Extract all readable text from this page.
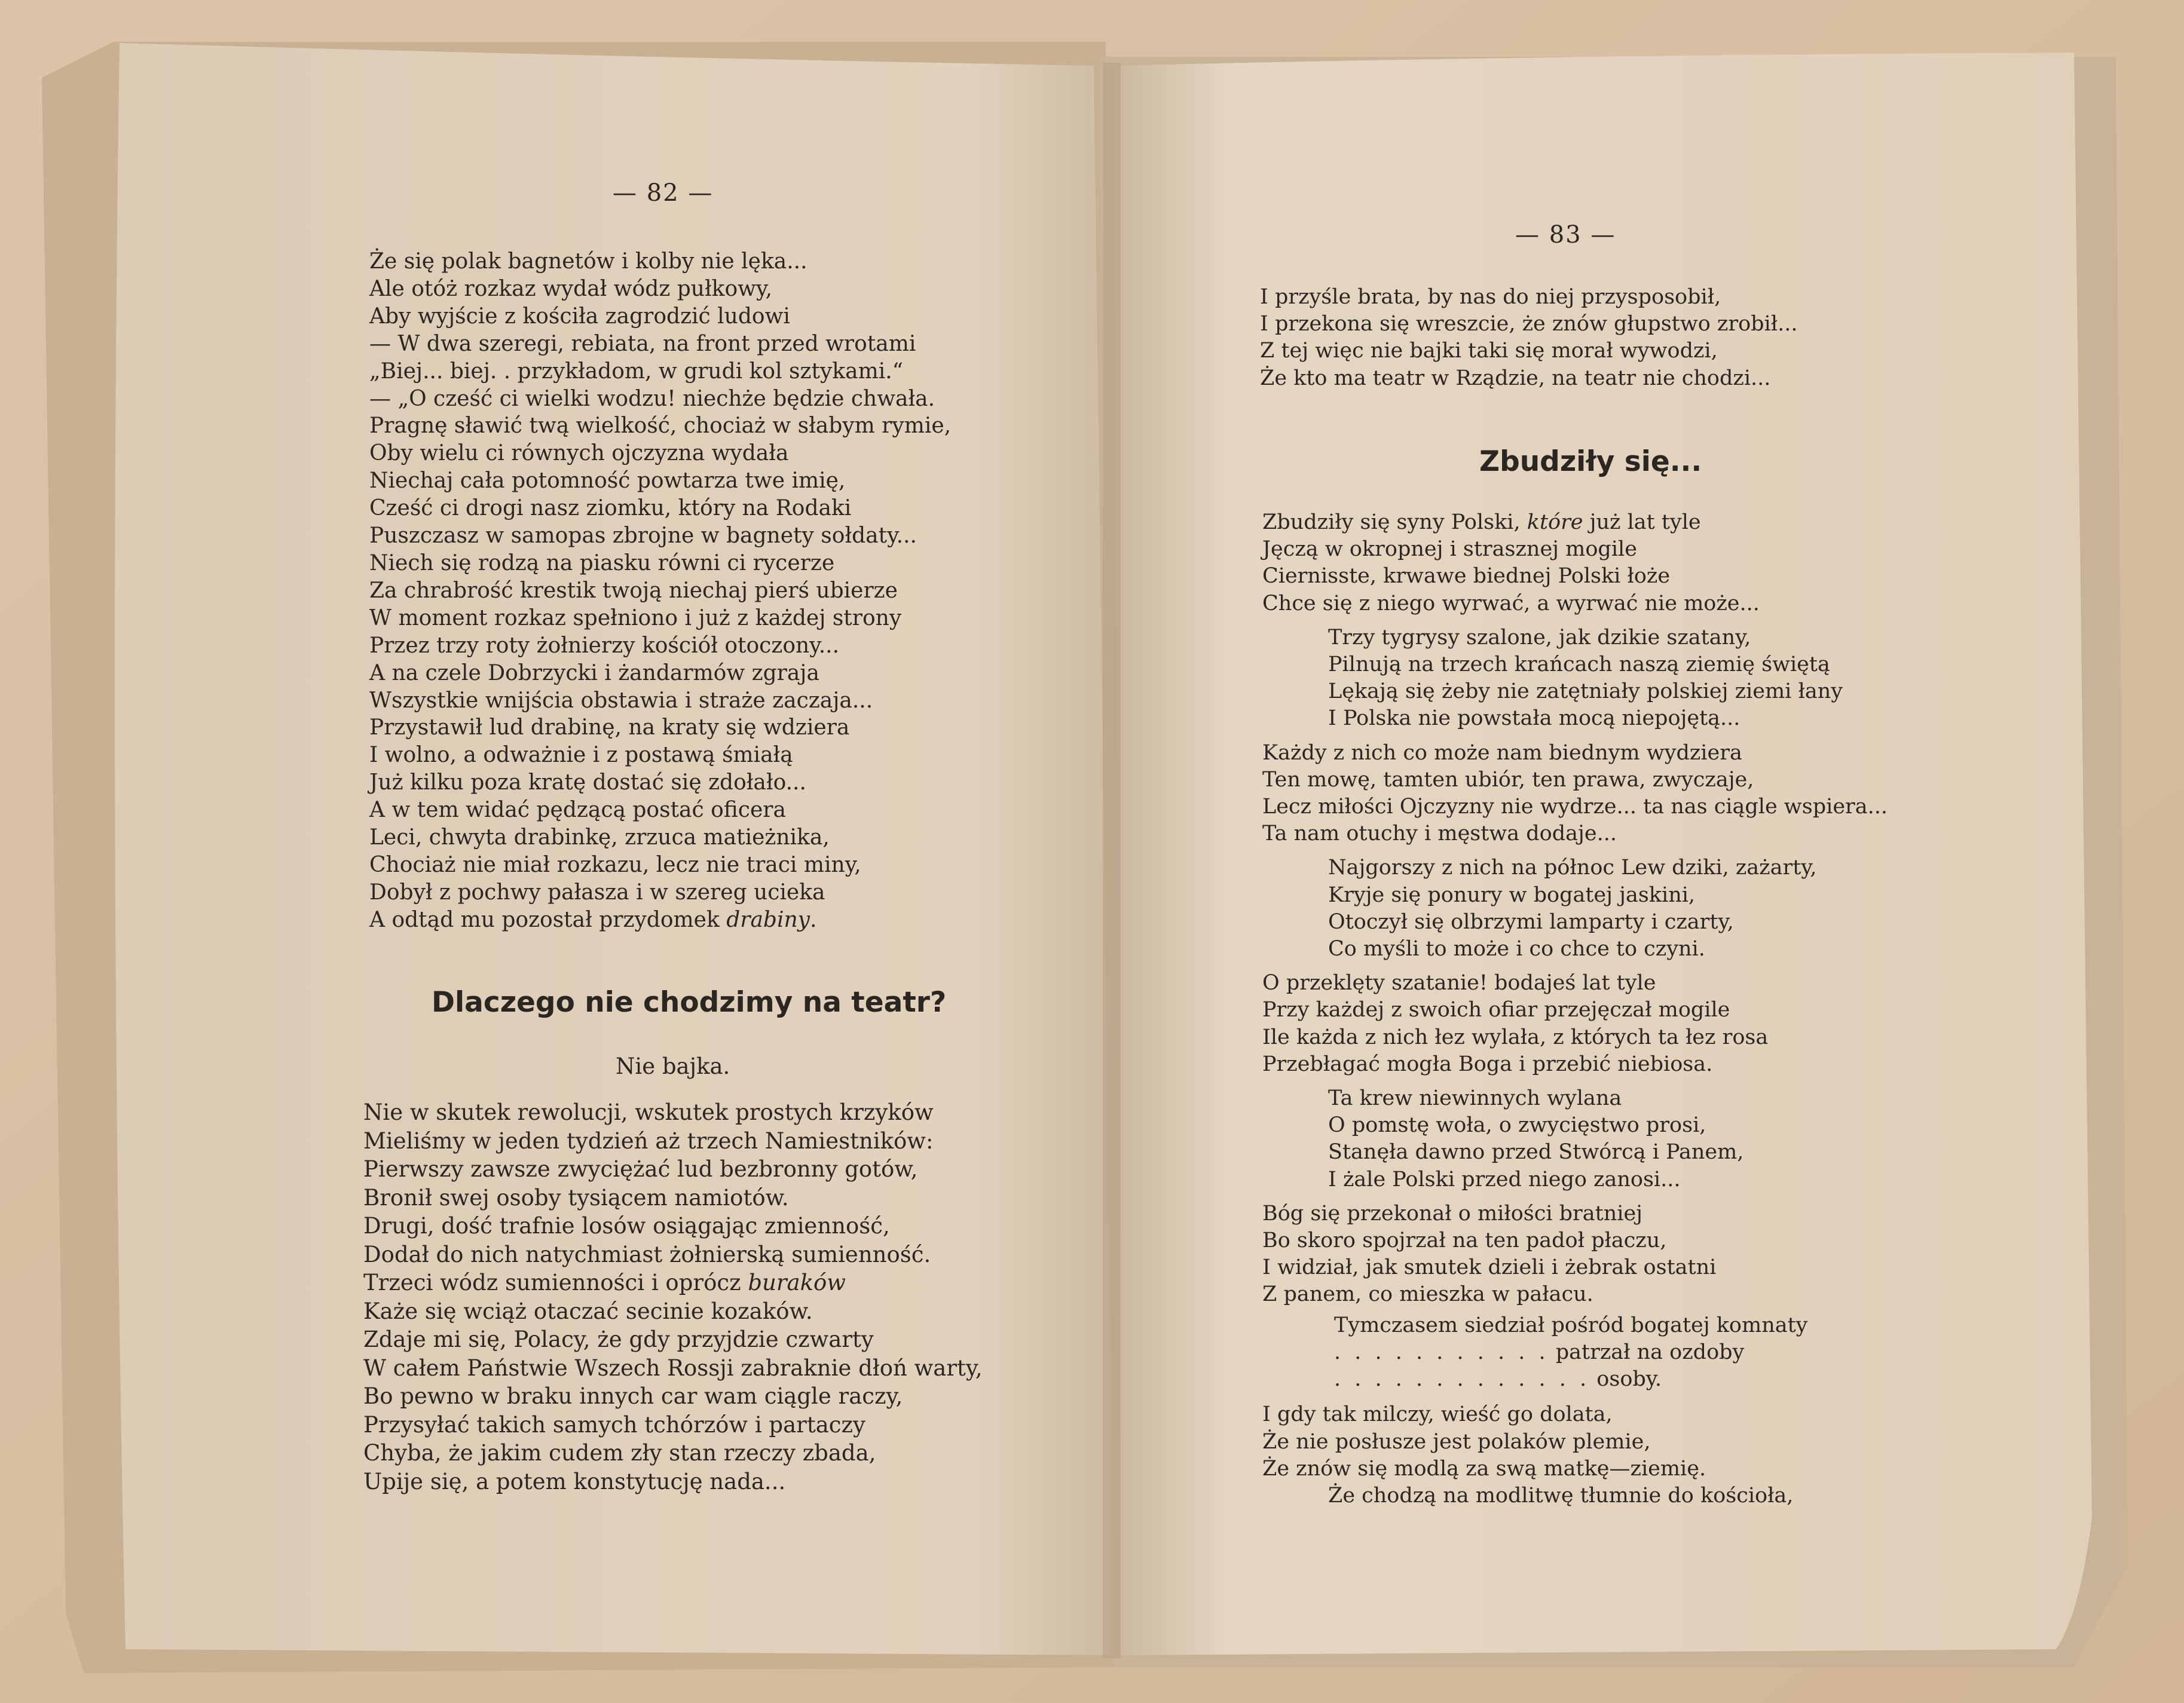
— 82 —
Że się polak bagnetów i kolby nie lęka...
Ale otóż rozkaz wydał wódz pułkowy,
Aby wyjście z kościła zagrodzić ludowi
— W dwa szeregi, rebiata, na front przed wrotami
„Biej... biej. . przykładom, w grudi kol sztykami.“
— „O cześć ci wielki wodzu! niechże będzie chwała.
Pragnę sławić twą wielkość, chociaż w słabym rymie,
Oby wielu ci równych ojczyzna wydała
Niechaj cała potomność powtarza twe imię,
Cześć ci drogi nasz ziomku, który na Rodaki
Puszczasz w samopas zbrojne w bagnety sołdaty...
Niech się rodzą na piasku równi ci rycerze
Za chrabrość krestik twoją niechaj pierś ubierze
W moment rozkaz spełniono i już z każdej strony
Przez trzy roty żołnierzy kościół otoczony...
A na czele Dobrzycki i żandarmów zgraja
Wszystkie wnijścia obstawia i straże zaczaja...
Przystawił lud drabinę, na kraty się wdziera
I wolno, a odważnie i z postawą śmiałą
Już kilku poza kratę dostać się zdołało...
A w tem widać pędzącą postać oficera
Leci, chwyta drabinkę, zrzuca matieżnika,
Chociaż nie miał rozkazu, lecz nie traci miny,
Dobył z pochwy pałasza i w szereg ucieka
A odtąd mu pozostał przydomek drabiny.
Dlaczego nie chodzimy na teatr?
Nie bajka.
Nie w skutek rewolucji, wskutek prostych krzyków
Mieliśmy w jeden tydzień aż trzech Namiestników:
Pierwszy zawsze zwyciężać lud bezbronny gotów,
Bronił swej osoby tysiącem namiotów.
Drugi, dość trafnie losów osiągając zmienność,
Dodał do nich natychmiast żołnierską sumienność.
Trzeci wódz sumienności i oprócz buraków
Każe się wciąż otaczać secinie kozaków.
Zdaje mi się, Polacy, że gdy przyjdzie czwarty
W całem Państwie Wszech Rossji zabraknie dłoń warty,
Bo pewno w braku innych car wam ciągle raczy,
Przysyłać takich samych tchórzów i partaczy
Chyba, że jakim cudem zły stan rzeczy zbada,
Upije się, a potem konstytucję nada...
— 83 —
I przyśle brata, by nas do niej przysposobił,
I przekona się wreszcie, że znów głupstwo zrobił...
Z tej więc nie bajki taki się morał wywodzi,
Że kto ma teatr w Rządzie, na teatr nie chodzi...
Zbudziły się...
Zbudziły się syny Polski, które już lat tyle
Jęczą w okropnej i strasznej mogile
Ciernisste, krwawe biednej Polski łoże
Chce się z niego wyrwać, a wyrwać nie może...
Trzy tygrysy szalone, jak dzikie szatany,
Pilnują na trzech krańcach naszą ziemię świętą
Lękają się żeby nie zatętniały polskiej ziemi łany
I Polska nie powstała mocą niepojętą...
Każdy z nich co może nam biednym wydziera
Ten mowę, tamten ubiór, ten prawa, zwyczaje,
Lecz miłości Ojczyzny nie wydrze... ta nas ciągle wspiera...
Ta nam otuchy i męstwa dodaje...
Najgorszy z nich na północ Lew dziki, zażarty,
Kryje się ponury w bogatej jaskini,
Otoczył się olbrzymi lamparty i czarty,
Co myśli to może i co chce to czyni.
O przeklęty szatanie! bodajeś lat tyle
Przy każdej z swoich ofiar przejęczał mogile
Ile każda z nich łez wylała, z których ta łez rosa
Przebłagać mogła Boga i przebić niebiosa.
Ta krew niewinnych wylana
O pomstę woła, o zwycięstwo prosi,
Stanęła dawno przed Stwórcą i Panem,
I żale Polski przed niego zanosi...
Bóg się przekonał o miłości bratniej
Bo skoro spojrzał na ten padoł płaczu,
I widział, jak smutek dzieli i żebrak ostatni
Z panem, co mieszka w pałacu.
Tymczasem siedział pośród bogatej komnaty
. . . . . . . . . . . patrzał na ozdoby
. . . . . . . . . . . . . osoby.
I gdy tak milczy, wieść go dolata,
Że nie posłusze jest polaków plemie,
Że znów się modlą za swą matkę—ziemię.
Że chodzą na modlitwę tłumnie do kościoła,
